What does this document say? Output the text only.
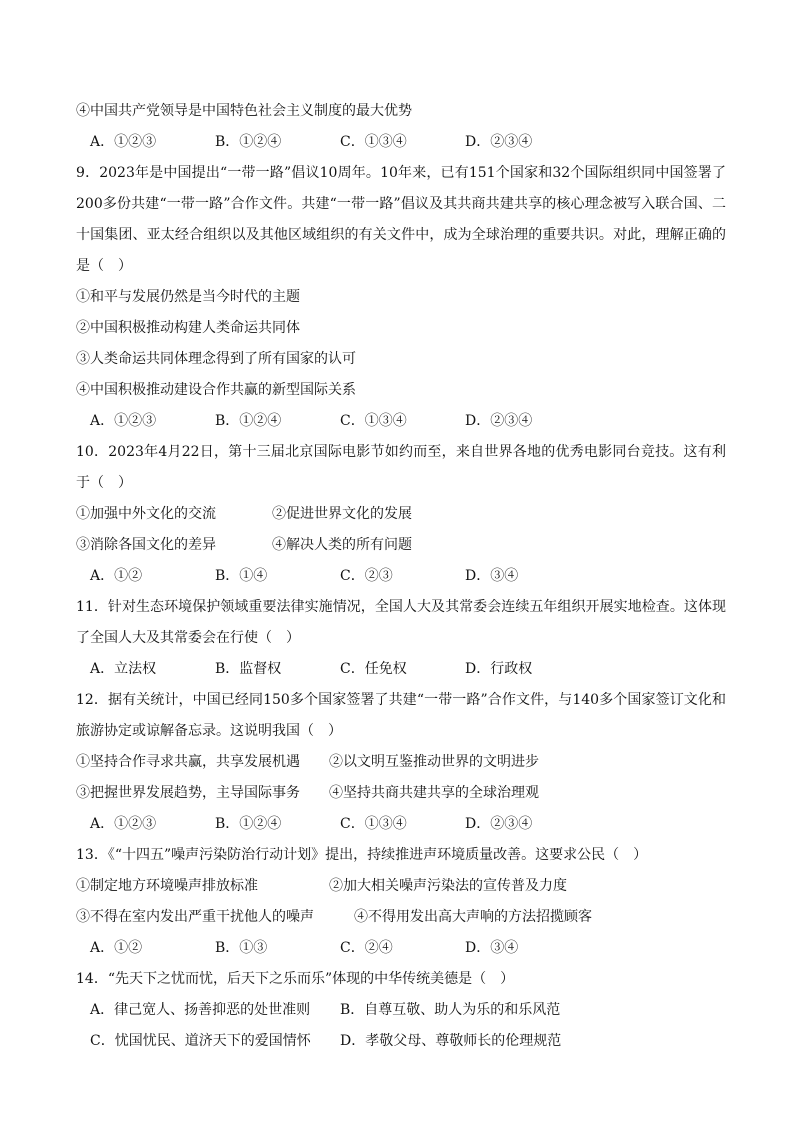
④中国共产党领导是中国特色社会主义制度的最大优势
A．①②③	B．①②④	C．①③④	D．②③④
9．2023年是中国提出“一带一路”倡议10周年。10年来，已有151个国家和32个国际组织同中国签署了200多份共建“一带一路”合作文件。共建“一带一路”倡议及其共商共建共享的核心理念被写入联合国、二十国集团、亚太经合组织以及其他区域组织的有关文件中，成为全球治理的重要共识。对此，理解正确的是（　）
①和平与发展仍然是当今时代的主题
②中国积极推动构建人类命运共同体
③人类命运共同体理念得到了所有国家的认可
④中国积极推动建设合作共赢的新型国际关系
A．①②③	B．①②④	C．①③④	D．②③④
10．2023年4月22日，第十三届北京国际电影节如约而至，来自世界各地的优秀电影同台竞技。这有利于（　）
①加强中外文化的交流	②促进世界文化的发展
③消除各国文化的差异	④解决人类的所有问题
A．①②	B．①④	C．②③	D．③④
11．针对生态环境保护领域重要法律实施情况，全国人大及其常委会连续五年组织开展实地检查。这体现了全国人大及其常委会在行使（　）
A．立法权	B．监督权	C．任免权	D．行政权
12．据有关统计，中国已经同150多个国家签署了共建“一带一路”合作文件，与140多个国家签订文化和旅游协定或谅解备忘录。这说明我国（　）
①坚持合作寻求共赢，共享发展机遇	②以文明互鉴推动世界的文明进步
③把握世界发展趋势，主导国际事务	④坚持共商共建共享的全球治理观
A．①②③	B．①②④	C．①③④	D．②③④
13．《“十四五”噪声污染防治行动计划》提出，持续推进声环境质量改善。这要求公民（　）
①制定地方环境噪声排放标准	②加大相关噪声污染法的宣传普及力度
③不得在室内发出严重干扰他人的噪声	④不得用发出高大声响的方法招揽顾客
A．①②	B．①③	C．②④	D．③④
14．“先天下之忧而忧，后天下之乐而乐”体现的中华传统美德是（　）
A．律己宽人、扬善抑恶的处世准则	B．自尊互敬、助人为乐的和乐风范
C．忧国忧民、道济天下的爱国情怀	D．孝敬父母、尊敬师长的伦理规范
